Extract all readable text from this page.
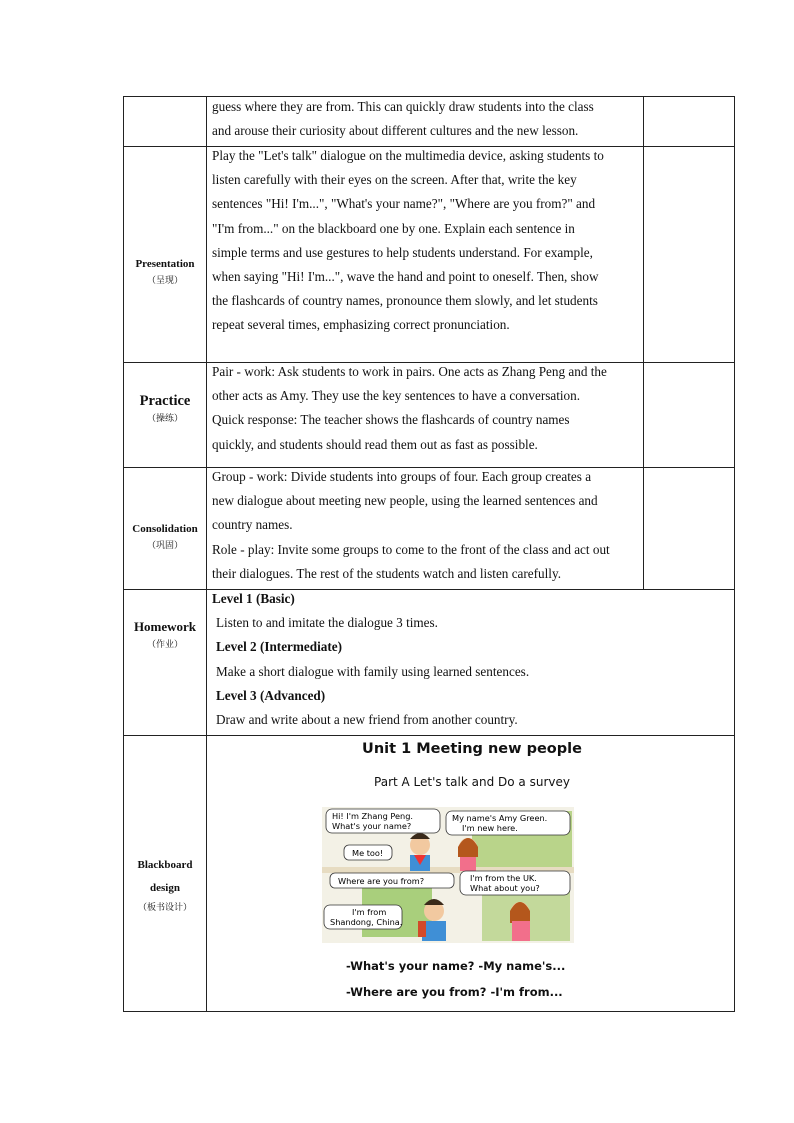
guess where they are from. This can quickly draw students into the class
and arouse their curiosity about different cultures and the new lesson.
Presentation
（呈现）
Play the "Let's talk" dialogue on the multimedia device, asking students to
listen carefully with their eyes on the screen. After that, write the key
sentences "Hi! I'm...", "What's your name?", "Where are you from?" and
"I'm from..." on the blackboard one by one. Explain each sentence in
simple terms and use gestures to help students understand. For example,
when saying "Hi! I'm...", wave the hand and point to oneself. Then, show
the flashcards of country names, pronounce them slowly, and let students
repeat several times, emphasizing correct pronunciation.
Practice
（操练）
Pair - work: Ask students to work in pairs. One acts as Zhang Peng and the
other acts as Amy. They use the key sentences to have a conversation.
Quick response: The teacher shows the flashcards of country names
quickly, and students should read them out as fast as possible.
Consolidation
（巩固）
Group - work: Divide students into groups of four. Each group creates a
new dialogue about meeting new people, using the learned sentences and
country names.
Role - play: Invite some groups to come to the front of the class and act out
their dialogues. The rest of the students watch and listen carefully.
Homework
（作业）
Level 1 (Basic)
Listen to and imitate the dialogue 3 times.
Level 2 (Intermediate)
Make a short dialogue with family using learned sentences.
Level 3 (Advanced)
Draw and write about a new friend from another country.
Blackboard
design
（板书设计）
Unit 1 Meeting new people
Part A Let's talk and Do a survey
Hi! I'm Zhang Peng.
What's your name?
My name's Amy Green.
I'm new here.
Me too!
Where are you from?	I'm from the UK.
What about you?
I'm from
Shandong, China.
-What's your name? -My name's...
-Where are you from? -I'm from...
